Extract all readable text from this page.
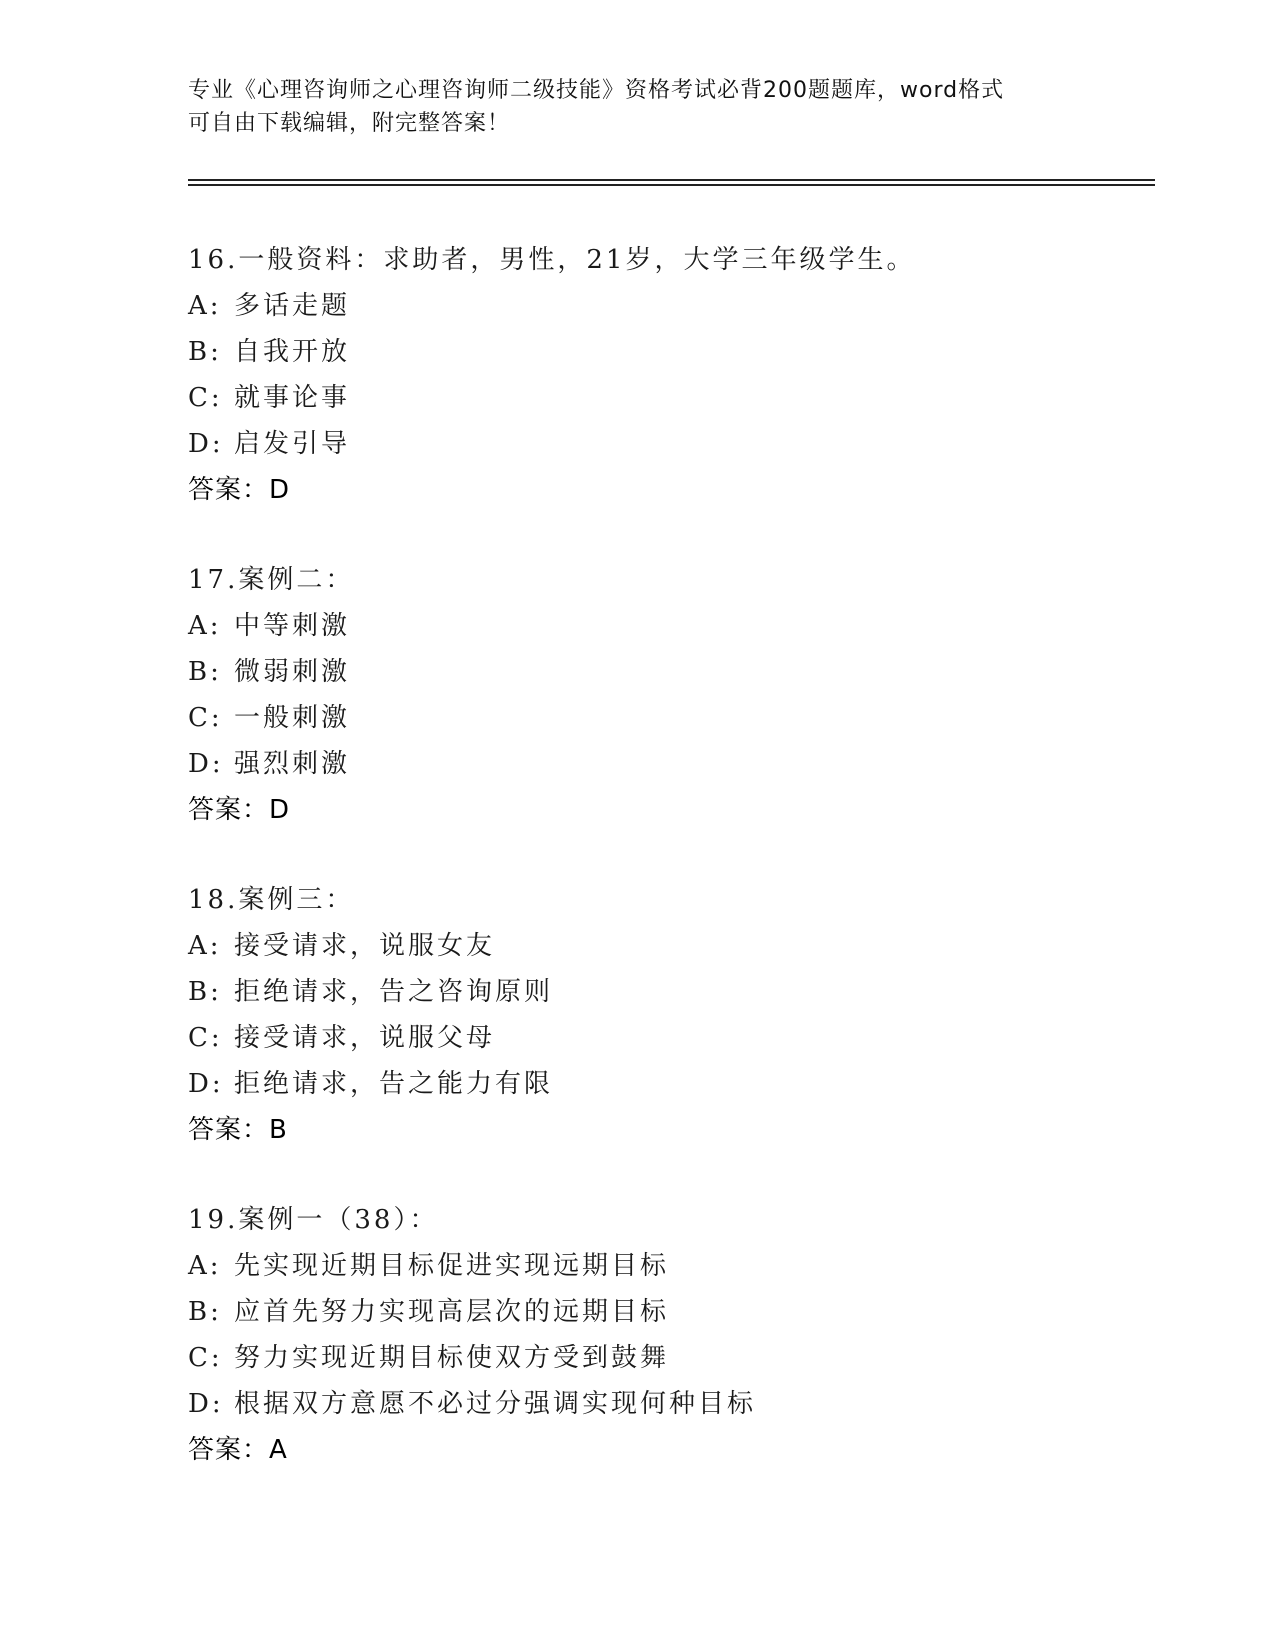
专业《心理咨询师之心理咨询师二级技能》资格考试必背200题题库，word格式
可自由下载编辑，附完整答案！
16.一般资料：求助者，男性，21岁，大学三年级学生。
A: 多话走题
B: 自我开放
C: 就事论事
D: 启发引导
答案：D
17.案例二：
A: 中等刺激
B: 微弱刺激
C: 一般刺激
D: 强烈刺激
答案：D
18.案例三：
A: 接受请求，说服女友
B: 拒绝请求，告之咨询原则
C: 接受请求，说服父母
D: 拒绝请求，告之能力有限
答案：B
19.案例一（38）：
A: 先实现近期目标促进实现远期目标
B: 应首先努力实现高层次的远期目标
C: 努力实现近期目标使双方受到鼓舞
D: 根据双方意愿不必过分强调实现何种目标
答案：A
